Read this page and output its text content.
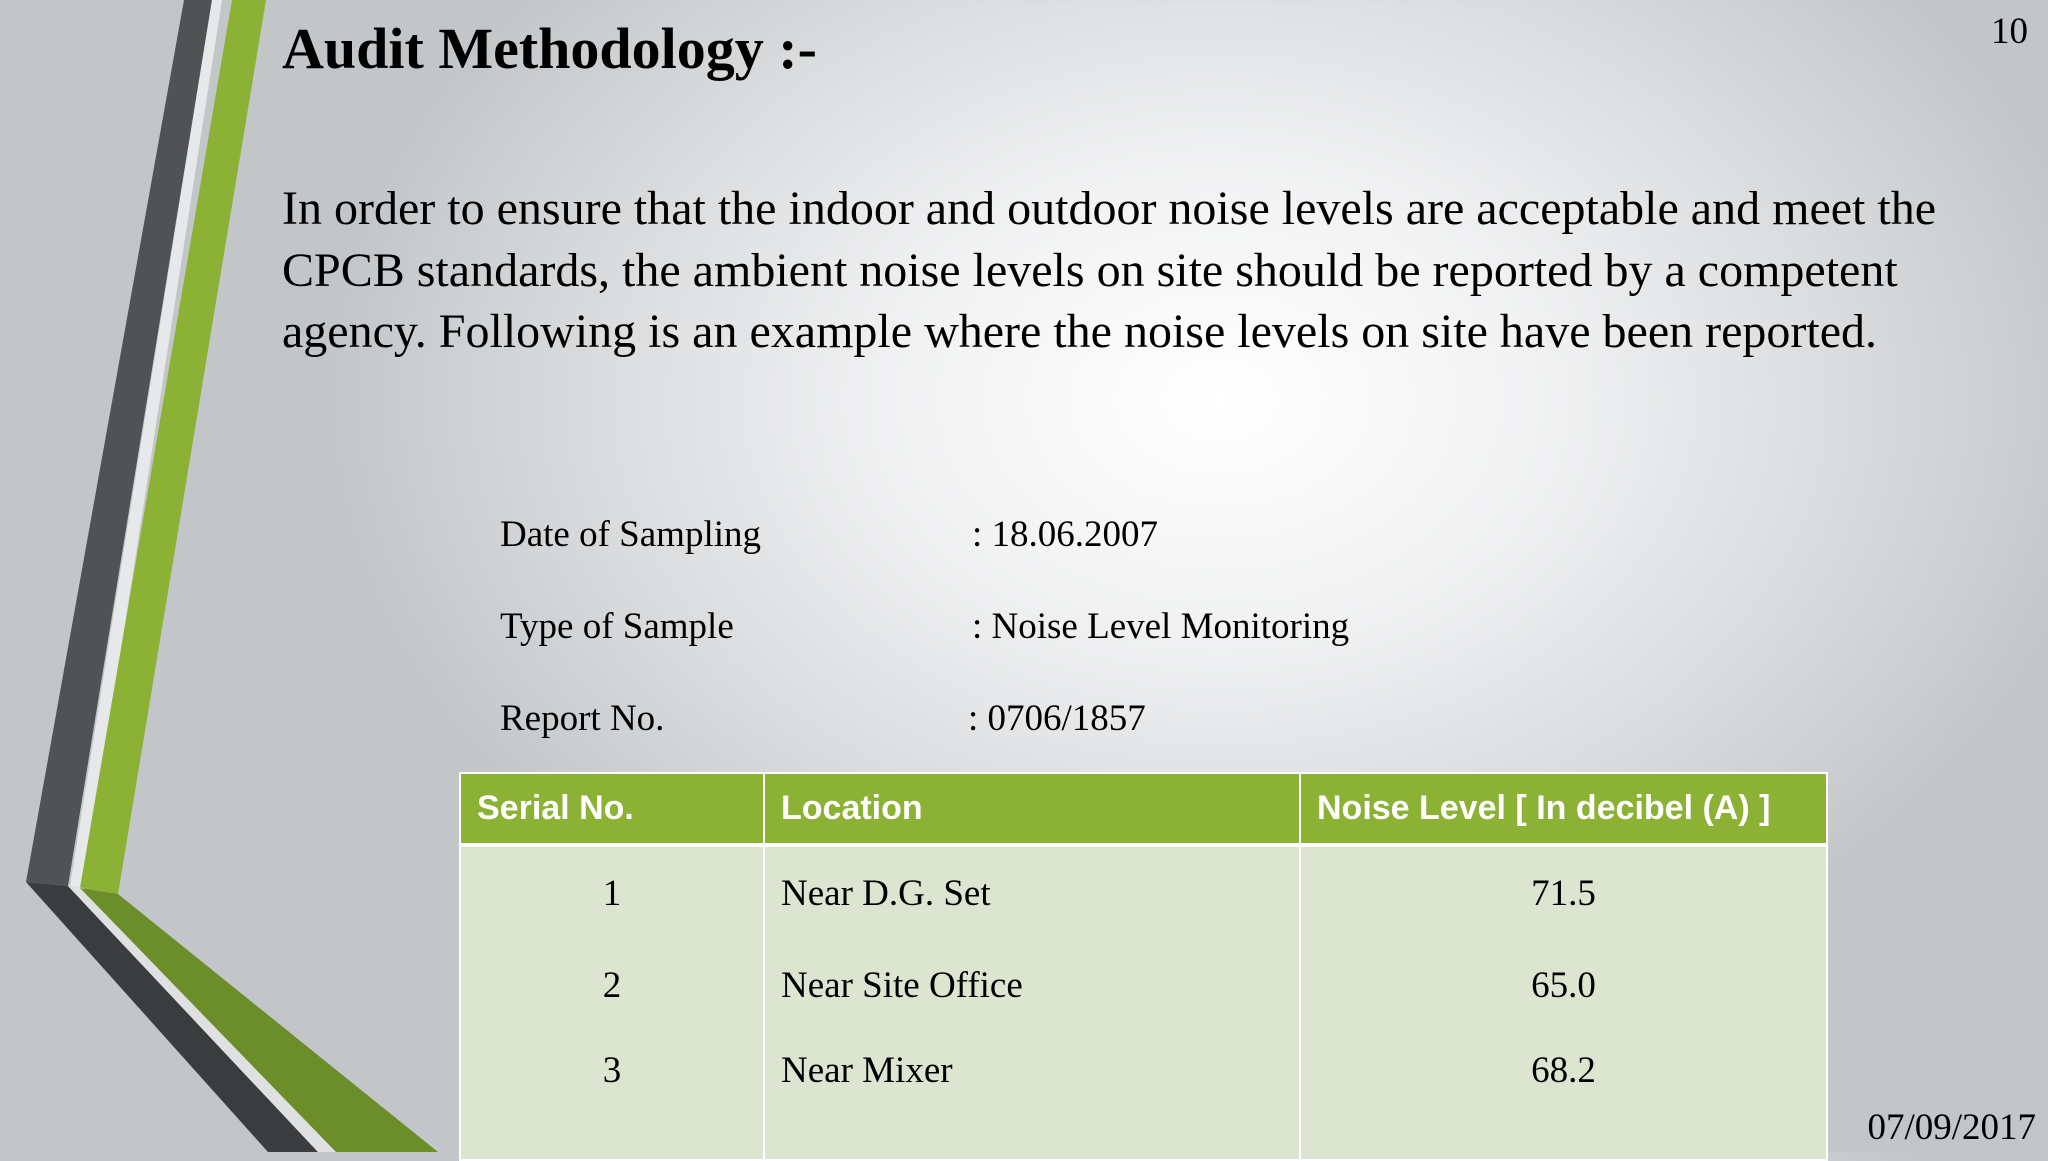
Audit Methodology :-	10
In order to ensure that the indoor and outdoor noise levels are acceptable and meet the CPCB standards, the ambient noise levels on site should be reported by a competent agency. Following is an example where the noise levels on site have been reported.
Date of Sampling	: 18.06.2007
Type of Sample	: Noise Level Monitoring
Report No.	: 0706/1857
Serial No.	Location	Noise Level [ In decibel (A) ]
1	Near D.G. Set	71.5
2	Near Site Office	65.0
3	Near Mixer	68.2
07/09/2017
